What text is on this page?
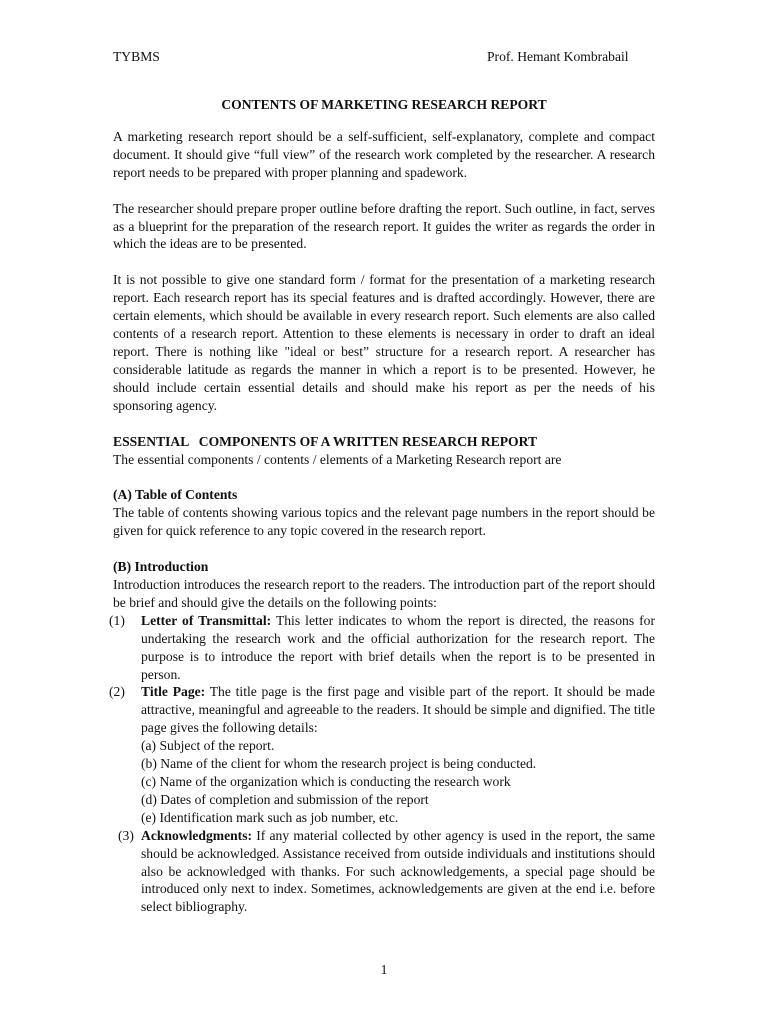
TYBMS	Prof. Hemant Kombrabail
CONTENTS OF MARKETING RESEARCH REPORT

A marketing research report should be a self-sufficient, self-explanatory, complete and compact document. It should give “full view” of the research work completed by the researcher. A research report needs to be prepared with proper planning and spadework.

The researcher should prepare proper outline before drafting the report. Such outline, in fact, serves as a blueprint for the preparation of the research report. It guides the writer as regards the order in which the ideas are to be presented.

It is not possible to give one standard form / format for the presentation of a marketing research report. Each research report has its special features and is drafted accordingly. However, there are certain elements, which should be available in every research report. Such elements are also called contents of a research report. Attention to these elements is necessary in order to draft an ideal report. There is nothing like "ideal or best” structure for a research report. A researcher has considerable latitude as regards the manner in which a report is to be presented. However, he should include certain essential details and should make his report as per the needs of his sponsoring agency.

ESSENTIAL   COMPONENTS OF A WRITTEN RESEARCH REPORT
The essential components / contents / elements of a Marketing Research report are
(A) Table of Contents

The table of contents showing various topics and the relevant page numbers in the report should be given for quick reference to any topic covered in the research report.

(B) Introduction
Introduction introduces the research report to the readers. The introduction part of the report should be brief and should give the details on the following points:
(1) Letter of Transmittal: This letter indicates to whom the report is directed, the reasons for undertaking the research work and the official authorization for the research report. The purpose is to introduce the report with brief details when the report is to be presented in person.
(2) Title Page: The title page is the first page and visible part of the report. It should be made attractive, meaningful and agreeable to the readers. It should be simple and dignified. The title page gives the following details:
(a) Subject of the report.
(b) Name of the client for whom the research project is being conducted.
(c) Name of the organization which is conducting the research work
(d) Dates of completion and submission of the report
(e) Identification mark such as job number, etc.
(3) Acknowledgments: If any material collected by other agency is used in the report, the same should be acknowledged. Assistance received from outside individuals and institutions should also be acknowledged with thanks. For such acknowledgements, a special page should be introduced only next to index. Sometimes, acknowledgements are given at the end i.e. before select bibliography.
1
